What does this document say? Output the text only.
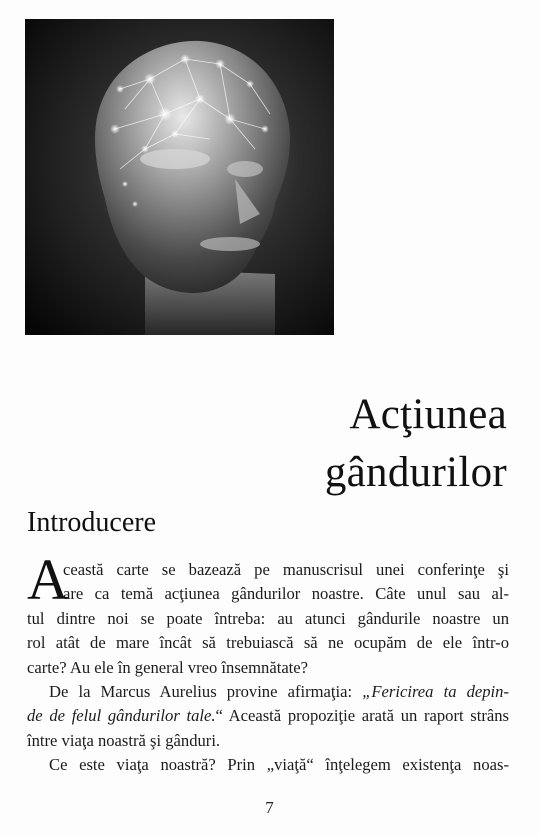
Acţiunea
gândurilor
Introducere
A
ceastă carte se bazează pe manuscrisul unei conferinţe şi
are ca temă acţiunea gândurilor noastre. Câte unul sau al-
tul dintre noi se poate întreba: au atunci gândurile noastre un
rol atât de mare încât să trebuiască să ne ocupăm de ele într-o
carte? Au ele în general vreo însemnătate?
De la Marcus Aurelius provine afirmaţia: „Fericirea ta depin-
de de felul gândurilor tale.“ Această propoziţie arată un raport strâns
între viaţa noastră şi gânduri.
Ce este viaţa noastră? Prin „viaţă“ înţelegem existenţa noas-
7
